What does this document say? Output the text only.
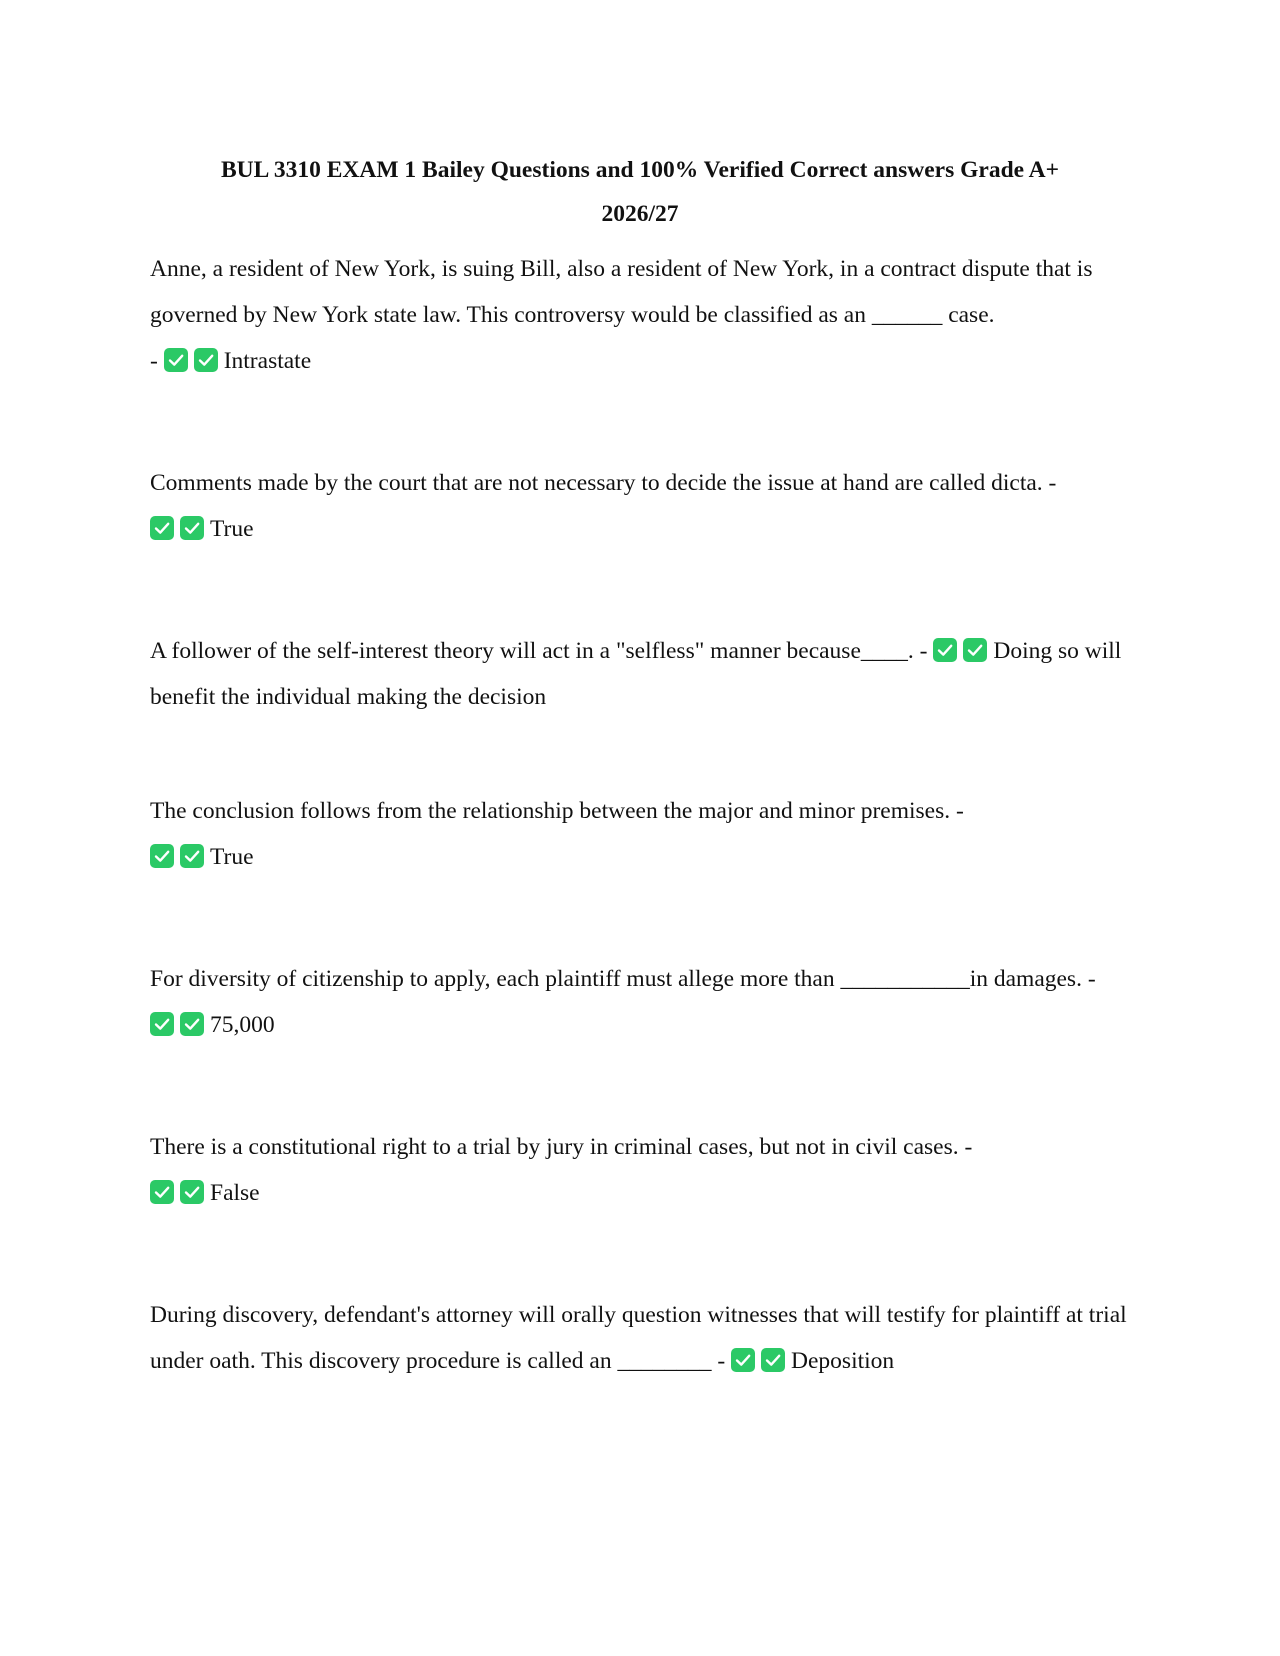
BUL 3310 EXAM 1 Bailey Questions and 100% Verified Correct answers Grade A+
2026/27

Anne, a resident of New York, is suing Bill, also a resident of New York, in a contract dispute that is governed by New York state law. This controversy would be classified as an ______ case.
-	Intrastate

Comments made by the court that are not necessary to decide the issue at hand are called dicta. -

True

A follower of the self-interest theory will act in a "selfless" manner because____. -	Doing so will benefit the individual making the decision

The conclusion follows from the relationship between the major and minor premises. -

True

For diversity of citizenship to apply, each plaintiff must allege more than ___________in damages. -
75,000

There is a constitutional right to a trial by jury in criminal cases, but not in civil cases. -

False

During discovery, defendant's attorney will orally question witnesses that will testify for plaintiff at trial under oath. This discovery procedure is called an ________ -	Deposition
